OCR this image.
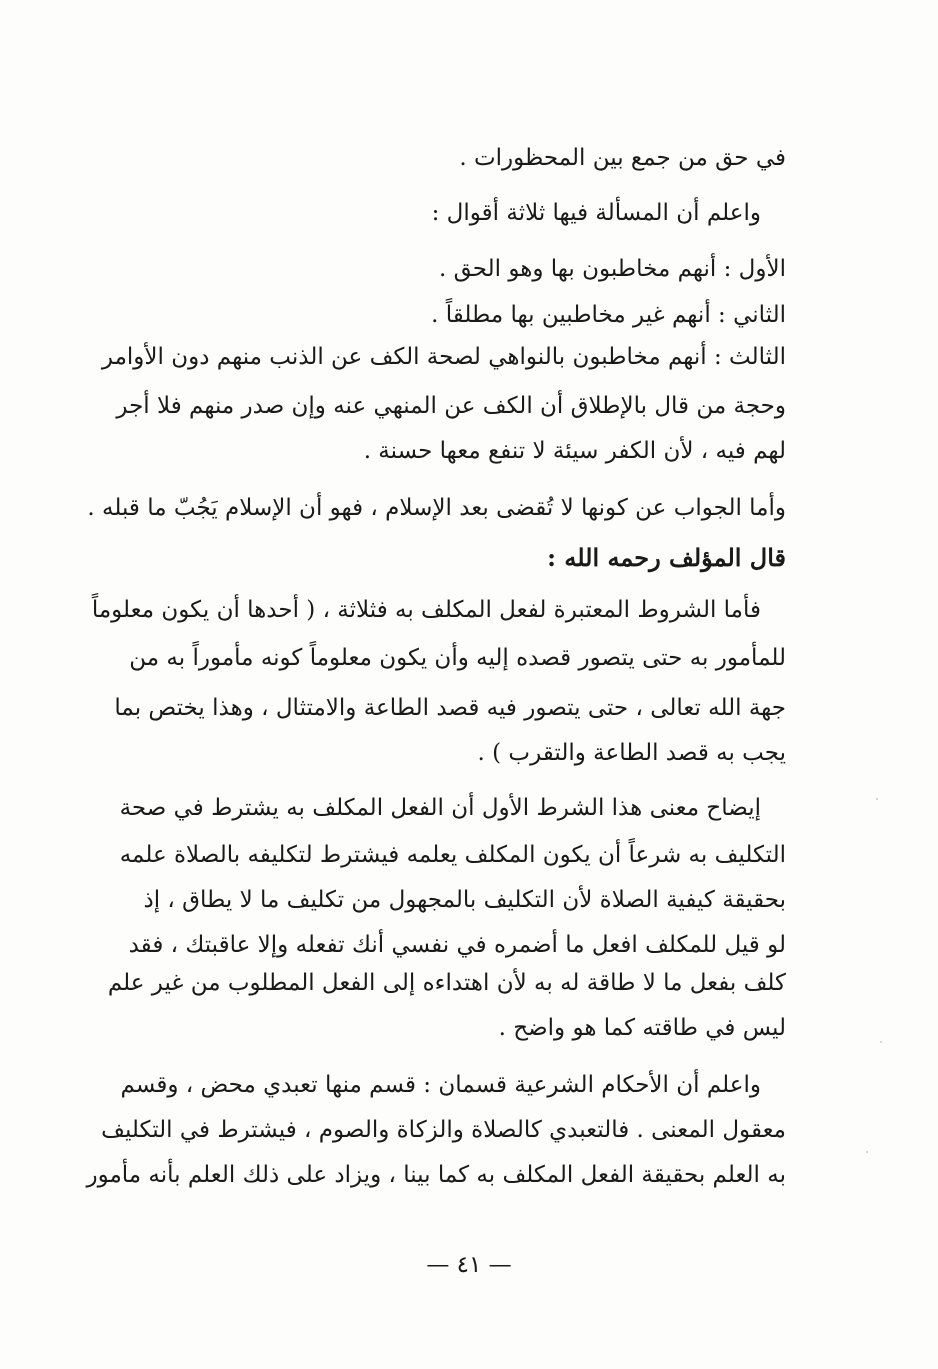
في حق من جمع بين المحظورات .
واعلم أن المسألة فيها ثلاثة أقوال :
الأول : أنهم مخاطبون بها وهو الحق .
الثاني : أنهم غير مخاطبين بها مطلقاً .
الثالث : أنهم مخاطبون بالنواهي لصحة الكف عن الذنب منهم دون الأوامر
وحجة من قال بالإطلاق أن الكف عن المنهي عنه وإن صدر منهم فلا أجر
لهم فيه ، لأن الكفر سيئة لا تنفع معها حسنة .
وأما الجواب عن كونها لا تُقضى بعد الإسلام ، فهو أن الإسلام يَجُبّ ما قبله .
قال المؤلف رحمه الله :
فأما الشروط المعتبرة لفعل المكلف به فثلاثة ، ( أحدها أن يكون معلوماً
للمأمور به حتى يتصور قصده إليه وأن يكون معلوماً كونه مأموراً به من
جهة الله تعالى ، حتى يتصور فيه قصد الطاعة والامتثال ، وهذا يختص بما
يجب به قصد الطاعة والتقرب ) .
إيضاح معنى هذا الشرط الأول أن الفعل المكلف به يشترط في صحة
التكليف به شرعاً أن يكون المكلف يعلمه فيشترط لتكليفه بالصلاة علمه
بحقيقة كيفية الصلاة لأن التكليف بالمجهول من تكليف ما لا يطاق ، إذ
لو قيل للمكلف افعل ما أضمره في نفسي أنك تفعله وإلا عاقبتك ، فقد
كلف بفعل ما لا طاقة له به لأن اهتداءه إلى الفعل المطلوب من غير علم
ليس في طاقته كما هو واضح .
واعلم أن الأحكام الشرعية قسمان : قسم منها تعبدي محض ، وقسم
معقول المعنى . فالتعبدي كالصلاة والزكاة والصوم ، فيشترط في التكليف
به العلم بحقيقة الفعل المكلف به كما بينا ، ويزاد على ذلك العلم بأنه مأمور
— ٤١ —
